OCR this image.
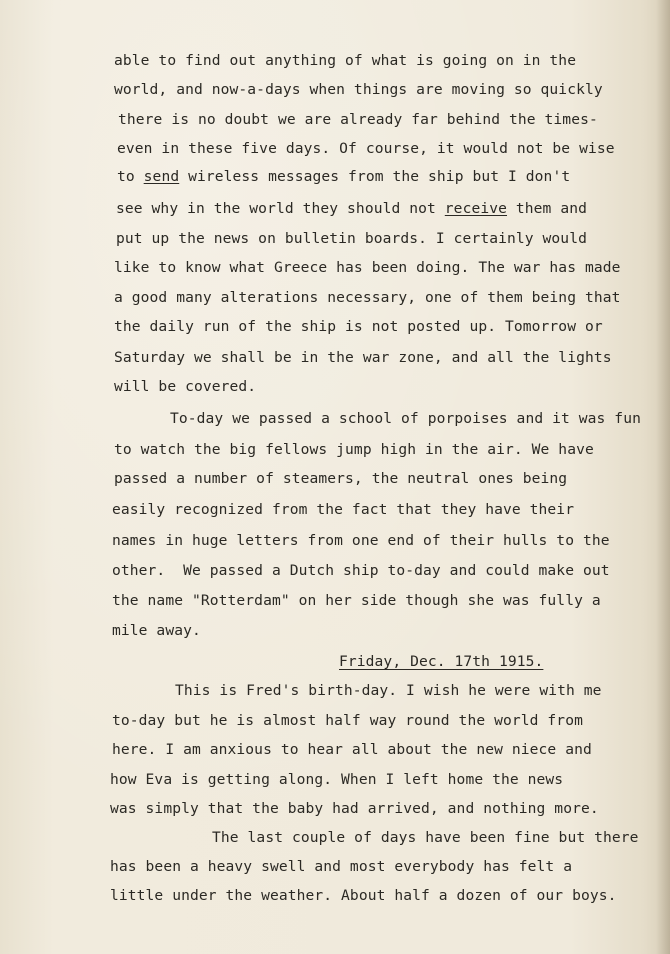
able to find out anything of what is going on in the
world, and now-a-days when things are moving so quickly
there is no doubt we are already far behind the times-
even in these five days. Of course, it would not be wise
to send wireless messages from the ship but I don't
see why in the world they should not receive them and
put up the news on bulletin boards. I certainly would
like to know what Greece has been doing. The war has made
a good many alterations necessary, one of them being that
the daily run of the ship is not posted up. Tomorrow or
Saturday we shall be in the war zone, and all the lights
will be covered.
To-day we passed a school of porpoises and it was fun
to watch the big fellows jump high in the air. We have
passed a number of steamers, the neutral ones being
easily recognized from the fact that they have their
names in huge letters from one end of their hulls to the
other.  We passed a Dutch ship to-day and could make out
the name "Rotterdam" on her side though she was fully a
mile away.
Friday, Dec. 17th 1915.
This is Fred's birth-day. I wish he were with me
to-day but he is almost half way round the world from
here. I am anxious to hear all about the new niece and
how Eva is getting along. When I left home the news
was simply that the baby had arrived, and nothing more.
The last couple of days have been fine but there
has been a heavy swell and most everybody has felt a
little under the weather. About half a dozen of our boys.
